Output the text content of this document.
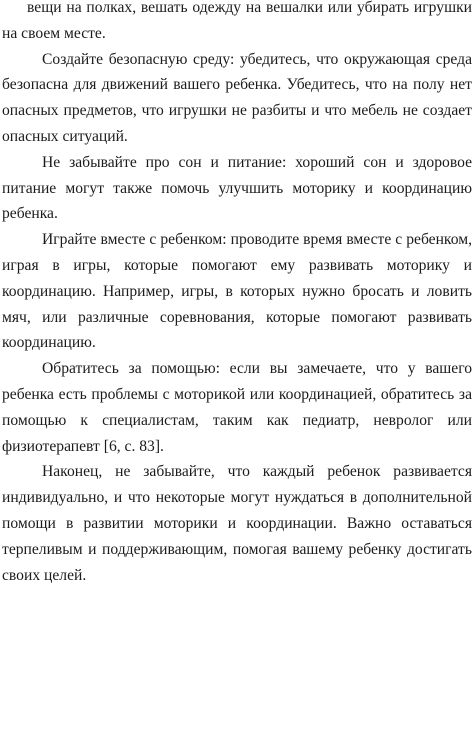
вещи на полках, вешать одежду на вешалки или убирать игрушки на своем месте.

Создайте безопасную среду: убедитесь, что окружающая среда безопасна для движений вашего ребенка. Убедитесь, что на полу нет опасных предметов, что игрушки не разбиты и что мебель не создает опасных ситуаций.

Не забывайте про сон и питание: хороший сон и здоровое питание могут также помочь улучшить моторику и координацию ребенка.

Играйте вместе с ребенком: проводите время вместе с ребенком, играя в игры, которые помогают ему развивать моторику и координацию. Например, игры, в которых нужно бросать и ловить мяч, или различные соревнования, которые помогают развивать координацию.

Обратитесь за помощью: если вы замечаете, что у вашего ребенка есть проблемы с моторикой или координацией, обратитесь за помощью к специалистам, таким как педиатр, невролог или физиотерапевт [6, с. 83].

Наконец, не забывайте, что каждый ребенок развивается индивидуально, и что некоторые могут нуждаться в дополнительной помощи в развитии моторики и координации. Важно оставаться терпеливым и поддерживающим, помогая вашему ребенку достигать своих целей.
